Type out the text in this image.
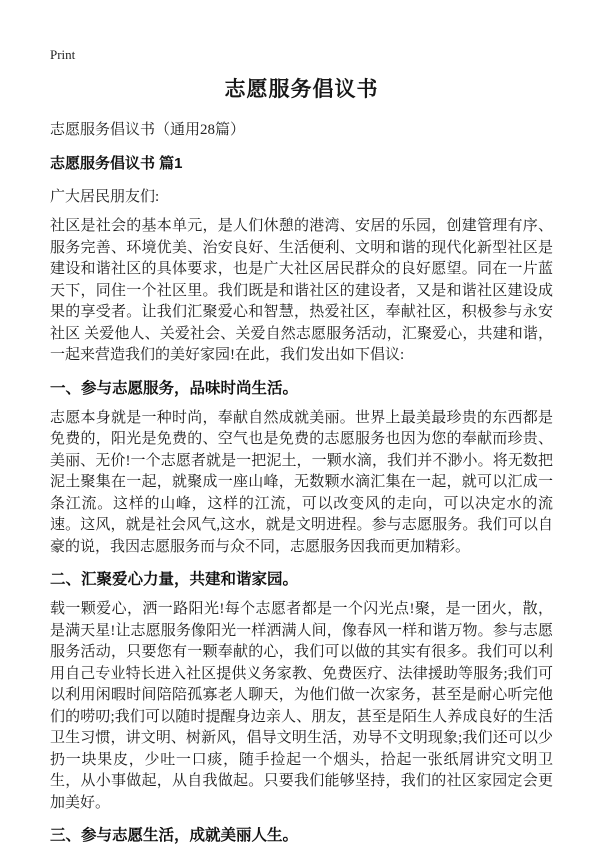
Print
志愿服务倡议书

志愿服务倡议书（通用28篇）

志愿服务倡议书 篇1

广大居民朋友们:

社区是社会的基本单元，是人们休憩的港湾、安居的乐园，创建管理有序、服务完善、环境优美、治安良好、生活便利、文明和谐的现代化新型社区是建设和谐社区的具体要求，也是广大社区居民群众的良好愿望。同在一片蓝天下，同住一个社区里。我们既是和谐社区的建设者，又是和谐社区建设成果的享受者。让我们汇聚爱心和智慧，热爱社区，奉献社区，积极参与永安社区 关爱他人、关爱社会、关爱自然志愿服务活动，汇聚爱心，共建和谐，一起来营造我们的美好家园!在此，我们发出如下倡议:

一、参与志愿服务，品味时尚生活。

志愿本身就是一种时尚，奉献自然成就美丽。世界上最美最珍贵的东西都是免费的，阳光是免费的、空气也是免费的志愿服务也因为您的奉献而珍贵、美丽、无价!一个志愿者就是一把泥土，一颗水滴，我们并不渺小。将无数把泥土聚集在一起，就聚成一座山峰，无数颗水滴汇集在一起，就可以汇成一条江流。这样的山峰，这样的江流，可以改变风的走向，可以决定水的流速。这风，就是社会风气,这水，就是文明进程。参与志愿服务。我们可以自豪的说，我因志愿服务而与众不同，志愿服务因我而更加精彩。

二、汇聚爱心力量，共建和谐家园。

载一颗爱心，洒一路阳光!每个志愿者都是一个闪光点!聚，是一团火，散，是满天星!让志愿服务像阳光一样洒满人间，像春风一样和谐万物。参与志愿服务活动，只要您有一颗奉献的心，我们可以做的其实有很多。我们可以利用自己专业特长进入社区提供义务家教、免费医疗、法律援助等服务;我们可以利用闲暇时间陪陪孤寡老人聊天，为他们做一次家务，甚至是耐心听完他们的唠叨;我们可以随时提醒身边亲人、朋友，甚至是陌生人养成良好的生活卫生习惯，讲文明、树新风，倡导文明生活，劝导不文明现象;我们还可以少扔一块果皮，少吐一口痰，随手捡起一个烟头，拾起一张纸屑讲究文明卫生，从小事做起，从自我做起。只要我们能够坚持，我们的社区家园定会更加美好。

三、参与志愿生活，成就美丽人生。
